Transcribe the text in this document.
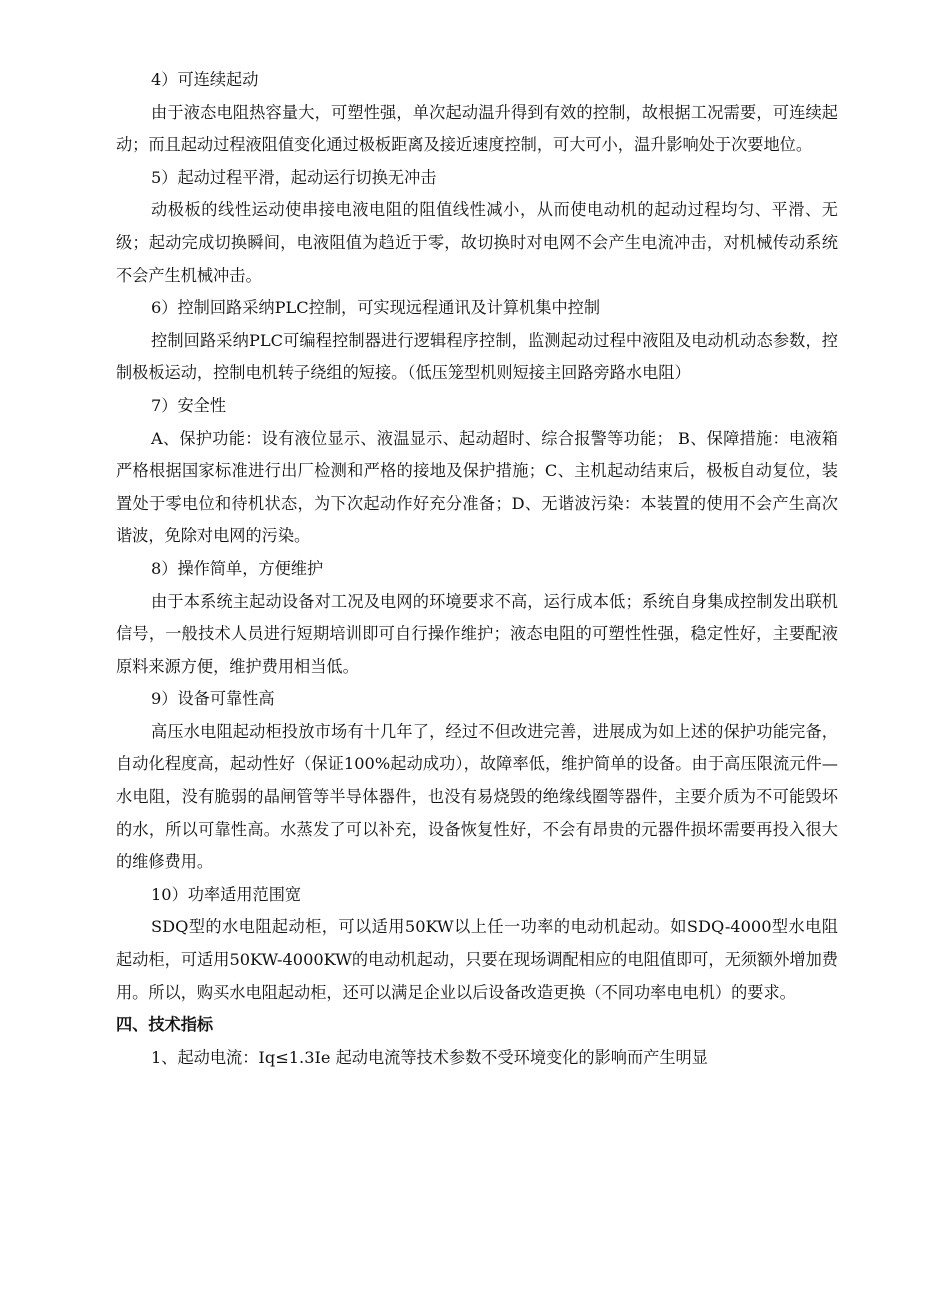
4）可连续起动

由于液态电阻热容量大，可塑性强，单次起动温升得到有效的控制，故根据工况需要，可连续起动；而且起动过程液阻值变化通过极板距离及接近速度控制，可大可小，温升影响处于次要地位。

5）起动过程平滑，起动运行切换无冲击

动极板的线性运动使串接电液电阻的阻值线性减小，从而使电动机的起动过程均匀、平滑、无级；起动完成切换瞬间，电液阻值为趋近于零，故切换时对电网不会产生电流冲击，对机械传动系统不会产生机械冲击。

6）控制回路采纳PLC控制，可实现远程通讯及计算机集中控制

控制回路采纳PLC可编程控制器进行逻辑程序控制，监测起动过程中液阻及电动机动态参数，控制极板运动，控制电机转子绕组的短接。（低压笼型机则短接主回路旁路水电阻）

7）安全性

A、保护功能：设有液位显示、液温显示、起动超时、综合报警等功能； B、保障措施：电液箱严格根据国家标准进行出厂检测和严格的接地及保护措施；C、主机起动结束后，极板自动复位，装置处于零电位和待机状态，为下次起动作好充分准备；D、无谐波污染：本装置的使用不会产生高次谐波，免除对电网的污染。

8）操作简单，方便维护

由于本系统主起动设备对工况及电网的环境要求不高，运行成本低；系统自身集成控制发出联机信号，一般技术人员进行短期培训即可自行操作维护；液态电阻的可塑性性强，稳定性好，主要配液原料来源方便，维护费用相当低。

9）设备可靠性高

高压水电阻起动柜投放市场有十几年了，经过不但改进完善，进展成为如上述的保护功能完备，自动化程度高，起动性好（保证100%起动成功），故障率低，维护简单的设备。由于高压限流元件—水电阻，没有脆弱的晶闸管等半导体器件，也没有易烧毁的绝缘线圈等器件，主要介质为不可能毁坏的水，所以可靠性高。水蒸发了可以补充，设备恢复性好，不会有昂贵的元器件损坏需要再投入很大的维修费用。

10）功率适用范围宽

SDQ型的水电阻起动柜，可以适用50KW以上任一功率的电动机起动。如SDQ-4000型水电阻起动柜，可适用50KW-4000KW的电动机起动，只要在现场调配相应的电阻值即可，无须额外增加费用。所以，购买水电阻起动柜，还可以满足企业以后设备改造更换（不同功率电电机）的要求。

四、技术指标

1、起动电流：Iq≤1.3Ie 起动电流等技术参数不受环境变化的影响而产生明显
